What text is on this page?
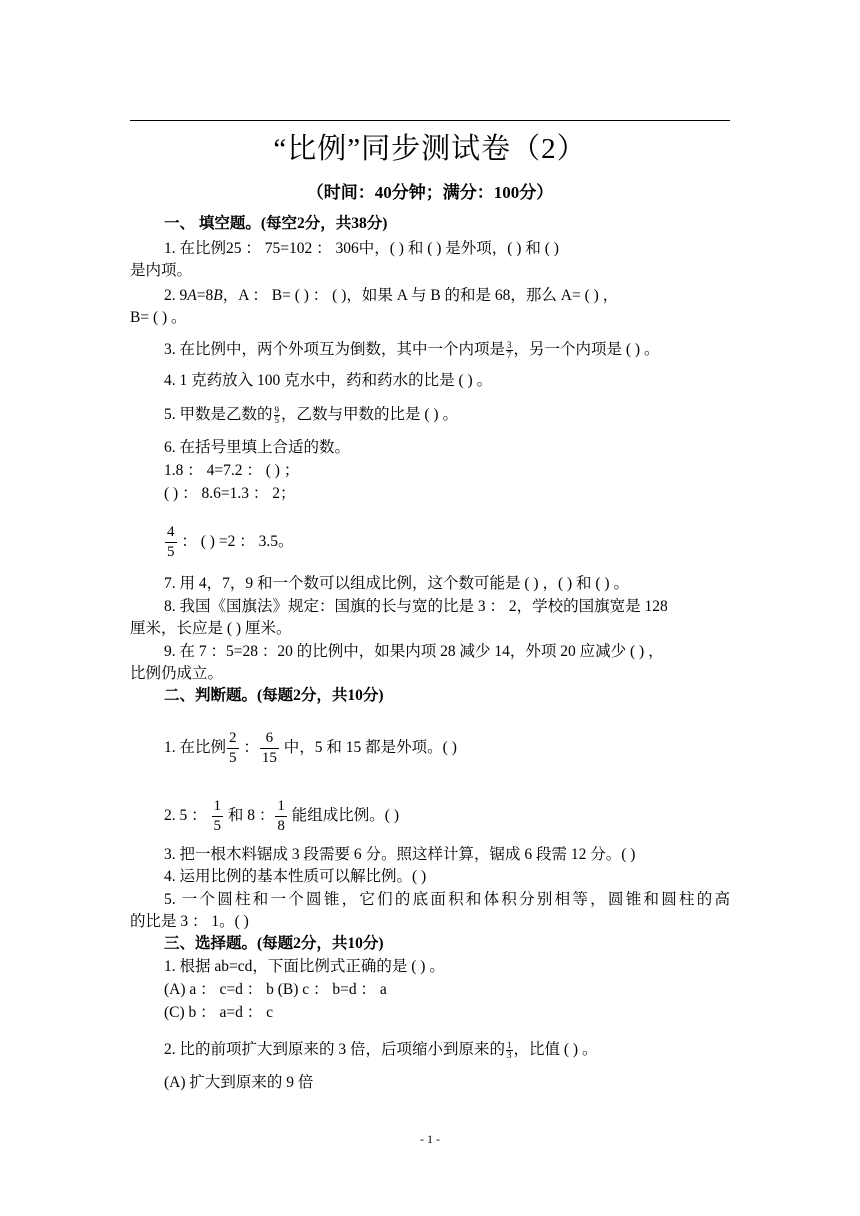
“比例”同步测试卷（2）
（时间：40分钟；满分：100分）
一、 填空题。(每空2分，共38分)
1. 在比例25 ： 75=102 ： 306中，( ) 和 ( ) 是外项，( ) 和 ( )
是内项。
2. 9A=8B，A ： B= ( ) ： ( )，如果 A 与 B 的和是 68，那么 A= ( ) ，
B= ( ) 。
3. 在比例中，两个外项互为倒数，其中一个内项是 $\frac{3}{7}$ ，另一个内项是 ( ) 。
4. 1 克药放入 100 克水中，药和药水的比是 ( ) 。
5. 甲数是乙数的 $\frac{9}{5}$ ，乙数与甲数的比是 ( ) 。
6. 在括号里填上合适的数。
1.8 ： 4=7.2 ： ( ) ；
( ) ： 8.6=1.3 ： 2；
$\frac{4}{5}$ ： ( ) =2 ： 3.5。
7. 用 4，7，9 和一个数可以组成比例，这个数可能是 ( ) ，( ) 和 ( ) 。
8. 我国《国旗法》规定：国旗的长与宽的比是 3 ： 2，学校的国旗宽是 128
厘米，长应是 ( ) 厘米。
9. 在 7 ：5=28 ：20 的比例中，如果内项 28 减少 14，外项 20 应减少 ( ) ，
比例仍成立。
二、判断题。(每题2分，共10分)
1. 在比例 $\frac{2}{5}$ ： $\frac{6}{15}$ 中，5 和 15 都是外项。( )
2. 5 ： $\frac{1}{5}$ 和 8 ： $\frac{1}{8}$ 能组成比例。( )
3. 把一根木料锯成 3 段需要 6 分。照这样计算，锯成 6 段需 12 分。( )
4. 运用比例的基本性质可以解比例。( )
5. 一个圆柱和一个圆锥，它们的底面积和体积分别相等，圆锥和圆柱的高
的比是 3 ： 1。( )
三、选择题。(每题2分，共10分)
1. 根据 ab=cd，下面比例式正确的是 ( ) 。
(A) a ： c=d ： b (B) c ： b=d ： a
(C) b ： a=d ： c
2. 比的前项扩大到原来的 3 倍，后项缩小到原来的 $\frac{1}{3}$ ，比值 ( ) 。
(A) 扩大到原来的 9 倍
- 1 -
